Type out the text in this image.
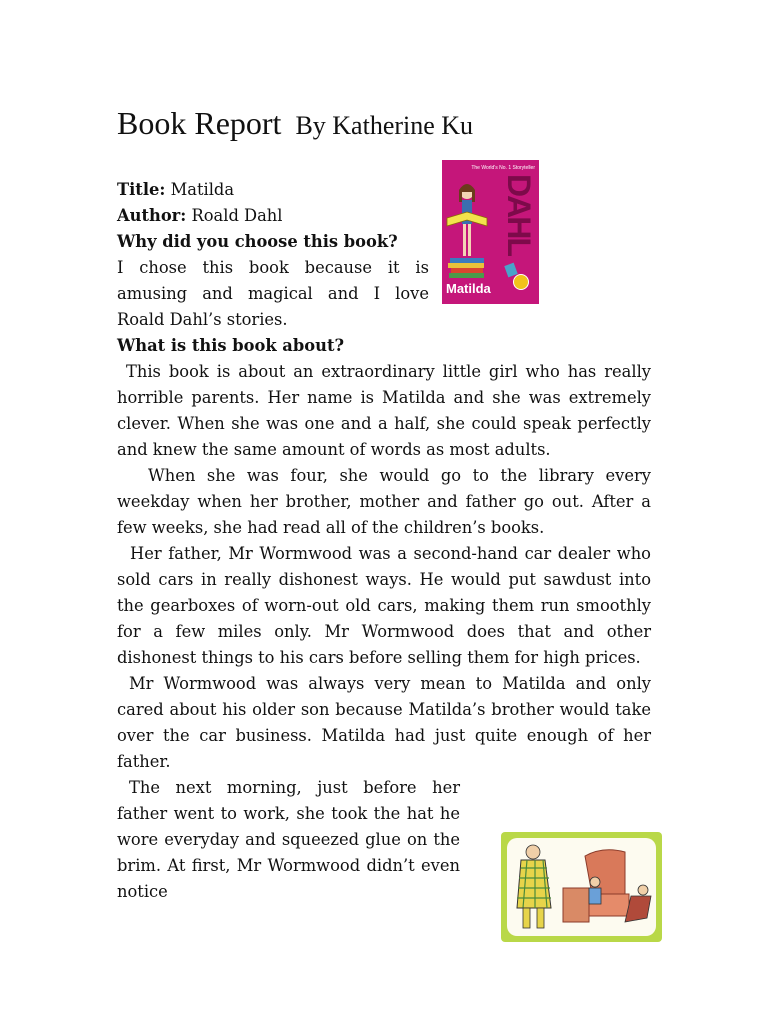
Book Report By Katherine Ku

Title: Matilda

Author: Roald Dahl

Why did you choose this book?

I chose this book because it is amusing and magical and I love Roald Dahl’s stories.

What is this book about?

This book is about an extraordinary little girl who has really horrible parents. Her name is Matilda and she was extremely clever. When she was one and a half, she could speak perfectly and knew the same amount of words as most adults.

When she was four, she would go to the library every weekday when her brother, mother and father go out. After a few weeks, she had read all of the children’s books.

Her father, Mr Wormwood was a second-hand car dealer who sold cars in really dishonest ways. He would put sawdust into the gearboxes of worn-out old cars, making them run smoothly for a few miles only. Mr Wormwood does that and other dishonest things to his cars before selling them for high prices.

Mr Wormwood was always very mean to Matilda and only cared about his older son because Matilda’s brother would take over the car business. Matilda had just quite enough of her father.

The next morning, just before her father went to work, she took the hat he wore everyday and squeezed glue on the brim. At first, Mr Wormwood didn’t even notice

The World's No. 1 Storyteller
DAHL
Matilda
